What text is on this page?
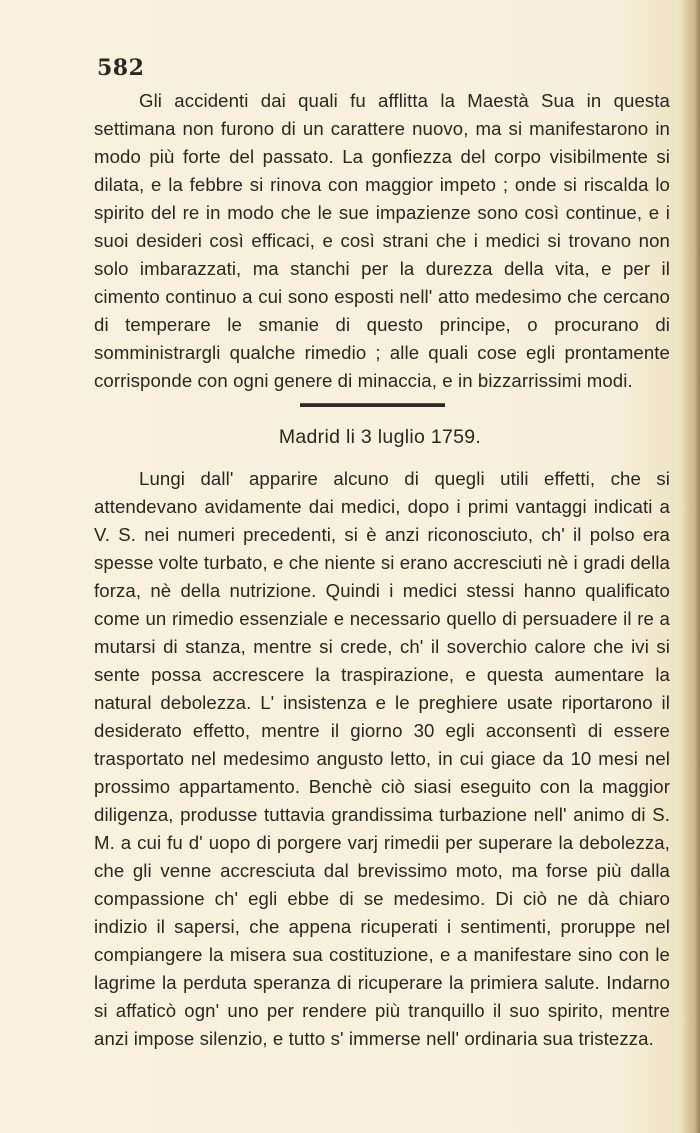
582

Gli accidenti dai quali fu afflitta la Maestà Sua in questa settimana non furono di un carattere nuovo, ma si manifestarono in modo più forte del passato. La gonfiezza del corpo visibilmente si dilata, e la febbre si rinova con maggior impeto ; onde si riscalda lo spirito del re in modo che le sue impazienze sono così continue, e i suoi desideri così efficaci, e così strani che i medici si trovano non solo imbarazzati, ma stanchi per la durezza della vita, e per il cimento continuo a cui sono esposti nell' atto medesimo che cercano di temperare le smanie di questo principe, o procurano di somministrargli qualche rimedio ; alle quali cose egli prontamente corrisponde con ogni genere di minaccia, e in bizzarrissimi modi.

Madrid li 3 luglio 1759.

Lungi dall' apparire alcuno di quegli utili effetti, che si attendevano avidamente dai medici, dopo i primi vantaggi indicati a V. S. nei numeri precedenti, si è anzi riconosciuto, ch' il polso era spesse volte turbato, e che niente si erano accresciuti nè i gradi della forza, nè della nutrizione. Quindi i medici stessi hanno qualificato come un rimedio essenziale e necessario quello di persuadere il re a mutarsi di stanza, mentre si crede, ch' il soverchio calore che ivi si sente possa accrescere la traspirazione, e questa aumentare la natural debolezza. L' insistenza e le preghiere usate riportarono il desiderato effetto, mentre il giorno 30 egli acconsentì di essere trasportato nel medesimo angusto letto, in cui giace da 10 mesi nel prossimo appartamento. Benchè ciò siasi eseguito con la maggior diligenza, produsse tuttavia grandissima turbazione nell' animo di S. M. a cui fu d' uopo di porgere varj rimedii per superare la debolezza, che gli venne accresciuta dal brevissimo moto, ma forse più dalla compassione ch' egli ebbe di se medesimo. Di ciò ne dà chiaro indizio il sapersi, che appena ricuperati i sentimenti, proruppe nel compiangere la misera sua costituzione, e a manifestare sino con le lagrime la perduta speranza di ricuperare la primiera salute. Indarno si affaticò ogn' uno per rendere più tranquillo il suo spirito, mentre anzi impose silenzio, e tutto s' immerse nell' ordinaria sua tristezza.
